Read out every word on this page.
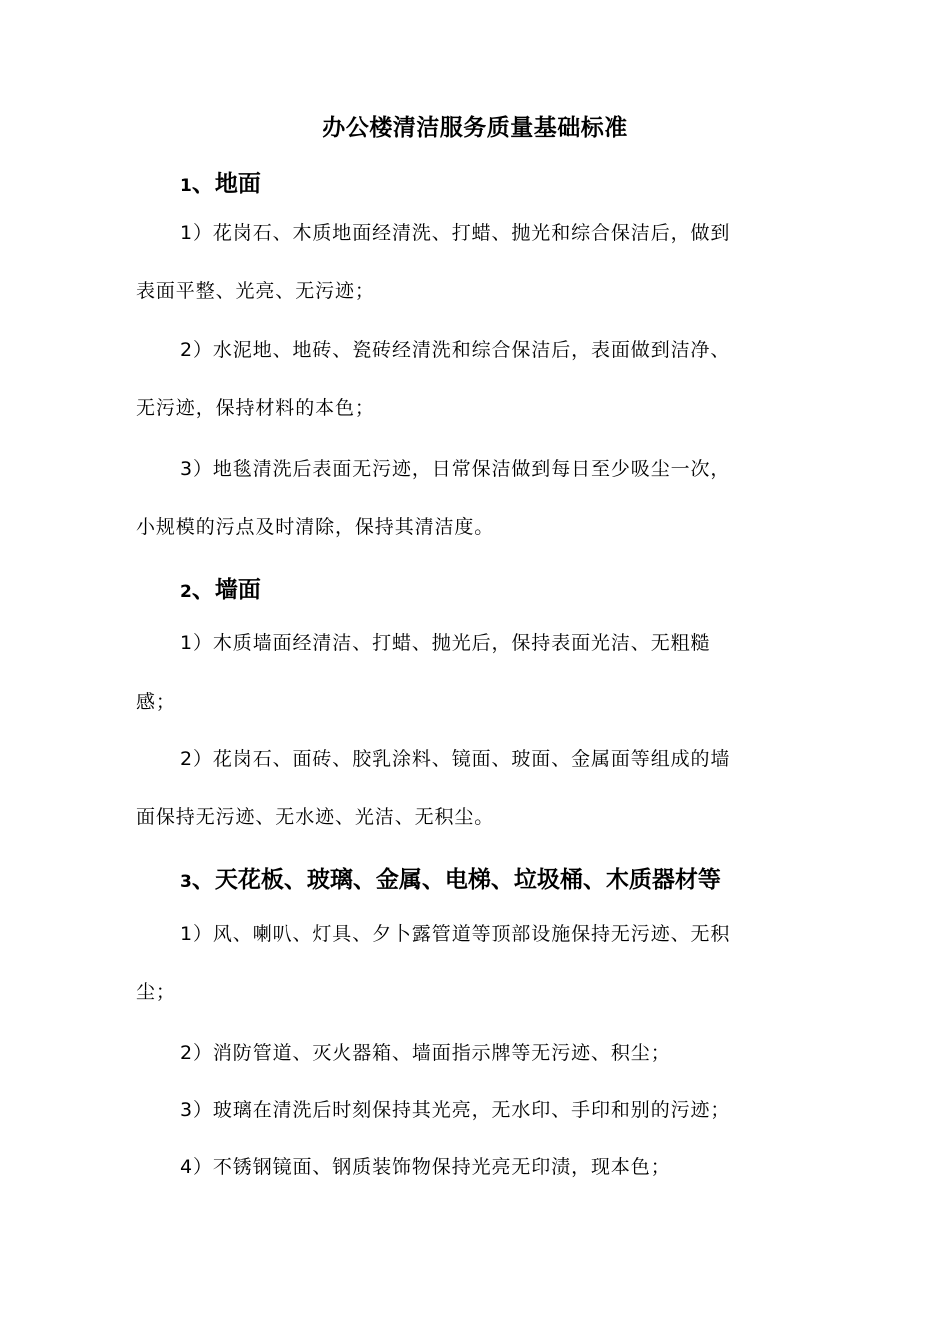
办公楼清洁服务质量基础标准
1、地面
1）花岗石、木质地面经清洗、打蜡、抛光和综合保洁后，做到
表面平整、光亮、无污迹；
2）水泥地、地砖、瓷砖经清洗和综合保洁后，表面做到洁净、
无污迹，保持材料的本色；
3）地毯清洗后表面无污迹，日常保洁做到每日至少吸尘一次，
小规模的污点及时清除，保持其清洁度。
2、墙面
1）木质墙面经清洁、打蜡、抛光后，保持表面光洁、无粗糙
感；
2）花岗石、面砖、胶乳涂料、镜面、玻面、金属面等组成的墙
面保持无污迹、无水迹、光洁、无积尘。
3、天花板、玻璃、金属、电梯、垃圾桶、木质器材等
1）风、喇叭、灯具、夕卜露管道等顶部设施保持无污迹、无积
尘；
2）消防管道、灭火器箱、墙面指示牌等无污迹、积尘；
3）玻璃在清洗后时刻保持其光亮，无水印、手印和别的污迹；
4）不锈钢镜面、钢质装饰物保持光亮无印渍，现本色；
